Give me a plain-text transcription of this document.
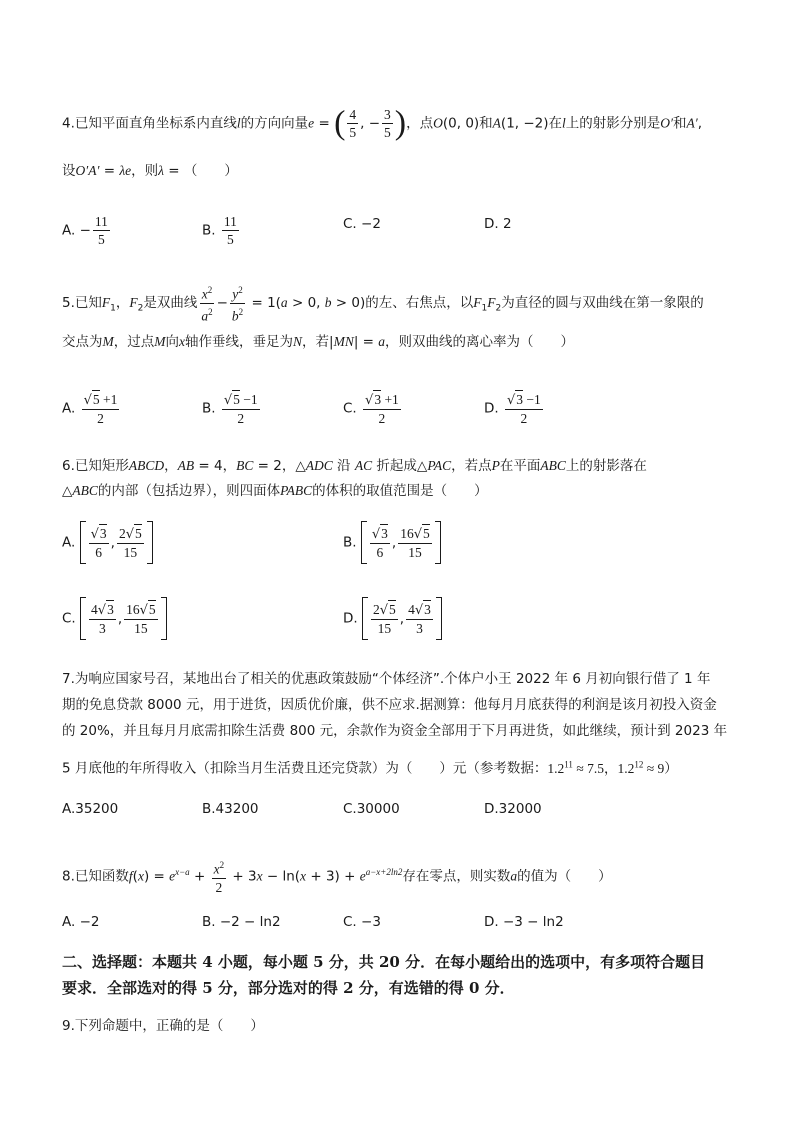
4.已知平面直角坐标系内直线l的方向向量e = ( $\frac{4}{5}$ , − $\frac{3}{5}$ )，点O(0, 0)和A(1, −2)在l上的射影分别是O′和A′,
设O′A′ = λe，则λ = （　　）
A. − $\frac{11}{5}$	B. $\frac{11}{5}$	C. −2	D. 2
5.已知$F_1$，$F_2$是双曲线 $\frac{x^2}{a^2} - \frac{y^2}{b^2} = 1(a > 0$, b > 0)的左、右焦点，以$F_1F_2$为直径的圆与双曲线在第一象限的
交点为M，过点M向x轴作垂线，垂足为N，若|MN| = a，则双曲线的离心率为（　　）
A. $\frac{√5 +1}{2}$	B. $\frac{√5 -1}{2}$	C. $\frac{√3 +1}{2}$	D. $\frac{√3 -1}{2}$
6.已知矩形ABCD，AB = 4，BC = 2，△ADC 沿 AC 折起成△PAC，若点P在平面ABC上的射影落在
△ABC的内部（包括边界），则四面体PABC的体积的取值范围是（　　）
A. $\frac{√3}{6}$ , $\frac{2√5}{15}$	B. $\frac{√3}{6}$ , $\frac{16√5}{15}$
C. $\frac{4√3}{3}$ , $\frac{16√5}{15}$	D. $\frac{2√5}{15}$ , $\frac{4√3}{3}$
7.为响应国家号召，某地出台了相关的优惠政策鼓励“个体经济”.个体户小王 2022 年 6 月初向银行借了 1 年
期的免息贷款 8000 元，用于进货，因质优价廉，供不应求.据测算：他每月月底获得的利润是该月初投入资金
的 20%，并且每月月底需扣除生活费 800 元，余款作为资金全部用于下月再进货，如此继续，预计到 2023 年
5 月底他的年所得收入（扣除当月生活费且还完贷款）为（　　）元（参考数据：$1.2^{11} \approx 7.5$，$1.2^{12} \approx 9$）
A.35200	B.43200	C.30000	D.32000
8.已知函数$f(x) = e^{x-a} + \frac{x^2}{2} + 3x - \ln(x + 3) + e^{a-x+2ln2}$存在零点，则实数a的值为（　　）
A. −2	B. −2 − ln2	C. −3	D. −3 − ln2
二、选择题：本题共 4 小题，每小题 5 分，共 20 分．在每小题给出的选项中，有多项符合题目
要求．全部选对的得 5 分，部分选对的得 2 分，有选错的得 0 分．
9.下列命题中，正确的是（　　）
